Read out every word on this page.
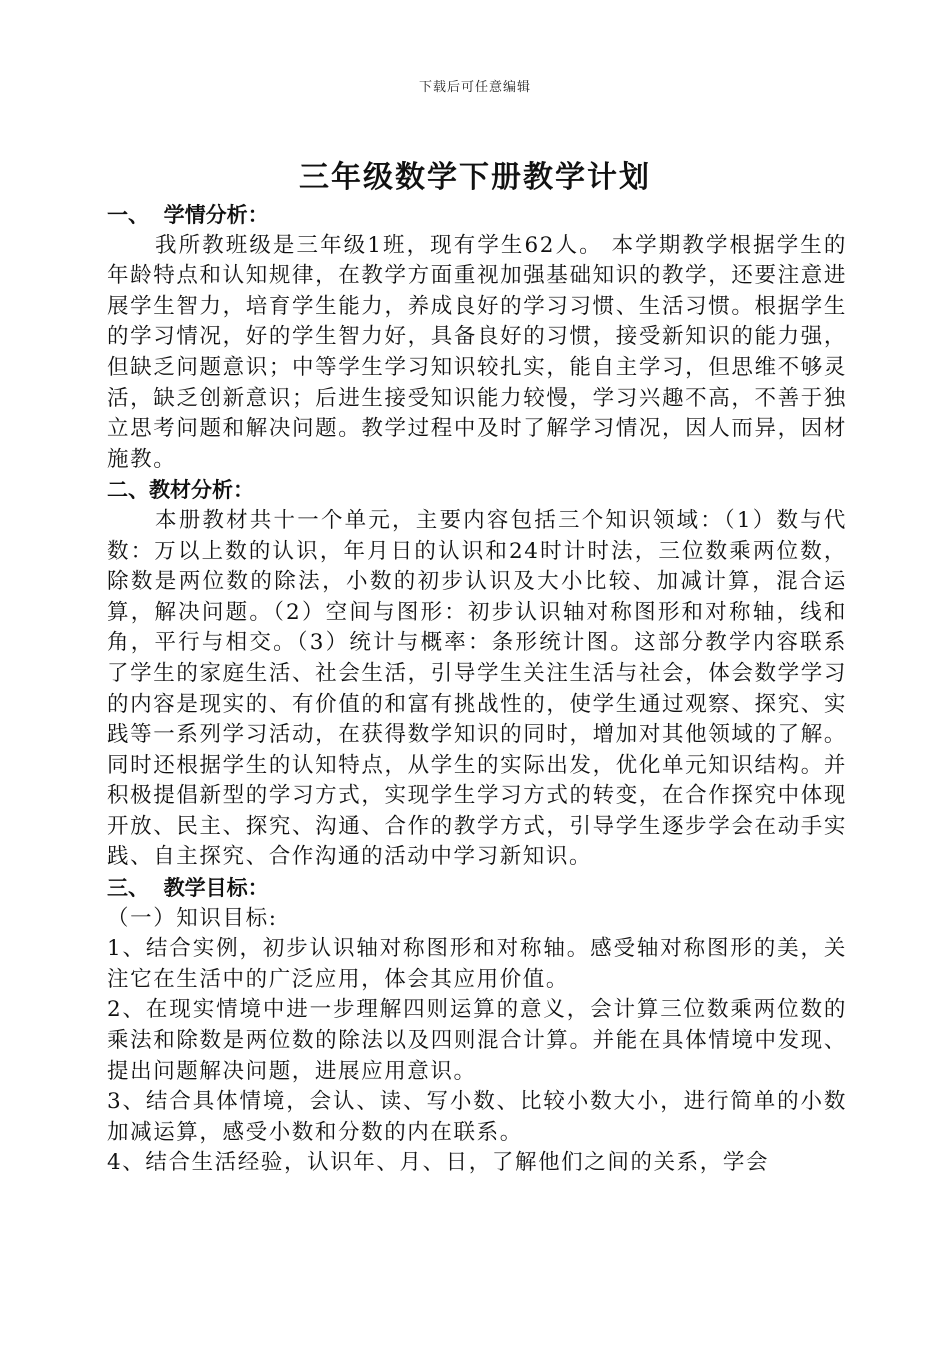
下载后可任意编辑
三年级数学下册教学计划

一、  学情分析：

我所教班级是三年级1班，现有学生62人。 本学期教学根据学生的年龄特点和认知规律，在教学方面重视加强基础知识的教学，还要注意进展学生智力，培育学生能力，养成良好的学习习惯、生活习惯。根据学生的学习情况，好的学生智力好，具备良好的习惯，接受新知识的能力强，但缺乏问题意识；中等学生学习知识较扎实，能自主学习，但思维不够灵活，缺乏创新意识；后进生接受知识能力较慢，学习兴趣不高，不善于独立思考问题和解决问题。教学过程中及时了解学习情况，因人而异，因材施教。

二、教材分析：

本册教材共十一个单元，主要内容包括三个知识领域：（1）数与代数：万以上数的认识，年月日的认识和24时计时法，三位数乘两位数，除数是两位数的除法，小数的初步认识及大小比较、加减计算，混合运算，解决问题。（2）空间与图形：初步认识轴对称图形和对称轴，线和角，平行与相交。（3）统计与概率：条形统计图。这部分教学内容联系了学生的家庭生活、社会生活，引导学生关注生活与社会，体会数学学习的内容是现实的、有价值的和富有挑战性的，使学生通过观察、探究、实践等一系列学习活动，在获得数学知识的同时，增加对其他领域的了解。同时还根据学生的认知特点，从学生的实际出发，优化单元知识结构。并积极提倡新型的学习方式，实现学生学习方式的转变，在合作探究中体现开放、民主、探究、沟通、合作的教学方式，引导学生逐步学会在动手实践、自主探究、合作沟通的活动中学习新知识。

三、  教学目标：

（一）知识目标:

1、结合实例，初步认识轴对称图形和对称轴。感受轴对称图形的美，关注它在生活中的广泛应用，体会其应用价值。

2、在现实情境中进一步理解四则运算的意义，会计算三位数乘两位数的乘法和除数是两位数的除法以及四则混合计算。并能在具体情境中发现、提出问题解决问题，进展应用意识。

3、结合具体情境，会认、读、写小数、比较小数大小，进行简单的小数加减运算，感受小数和分数的内在联系。

4、结合生活经验，认识年、月、日，了解他们之间的关系，学会
